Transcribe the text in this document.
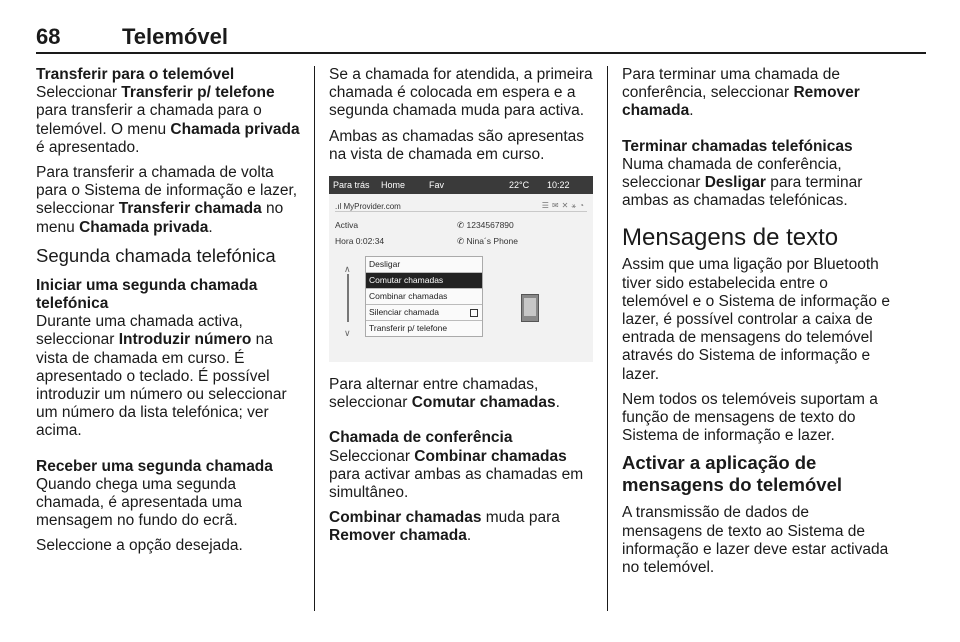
68	Telemóvel
Transferir para o telemóvel

Seleccionar Transferir p/ telefone para transferir a chamada para o telemóvel. O menu Chamada privada é apresentado.

Para transferir a chamada de volta para o Sistema de informação e lazer, seleccionar Transferir chamada no menu Chamada privada.

Segunda chamada telefónica
Iniciar uma segunda chamada telefónica

Durante uma chamada activa, seleccionar Introduzir número na vista de chamada em curso. É apresentado o teclado. É possível introduzir um número ou seleccionar um número da lista telefónica; ver acima.

Receber uma segunda chamada

Quando chega uma segunda chamada, é apresentada uma mensagem no fundo do ecrã.

Seleccione a opção desejada.

Se a chamada for atendida, a primeira chamada é colocada em espera e a segunda chamada muda para activa.

Ambas as chamadas são apresentas na vista de chamada em curso.

Para trás Home	Fav	22°C 10:22
.ıl MyProvider.com	☰✉✕⚹◔
Activa	✆ 1234567890
Hora 0:02:34	✆ Nina´s Phone
∧
∨
Desligar
Comutar chamadas
Combinar chamadas
Silenciar chamada
Transferir p/ telefone

Para alternar entre chamadas, seleccionar Comutar chamadas.

Chamada de conferência

Seleccionar Combinar chamadas para activar ambas as chamadas em simultâneo.

Combinar chamadas muda para Remover chamada.

Para terminar uma chamada de conferência, seleccionar Remover chamada.

Terminar chamadas telefónicas

Numa chamada de conferência, seleccionar Desligar para terminar ambas as chamadas telefónicas.

Mensagens de texto

Assim que uma ligação por Bluetooth tiver sido estabelecida entre o telemóvel e o Sistema de informação e lazer, é possível controlar a caixa de entrada de mensagens do telemóvel através do Sistema de informação e lazer.

Nem todos os telemóveis suportam a função de mensagens de texto do Sistema de informação e lazer.

Activar a aplicação de mensagens do telemóvel

A transmissão de dados de mensagens de texto ao Sistema de informação e lazer deve estar activada no telemóvel.
